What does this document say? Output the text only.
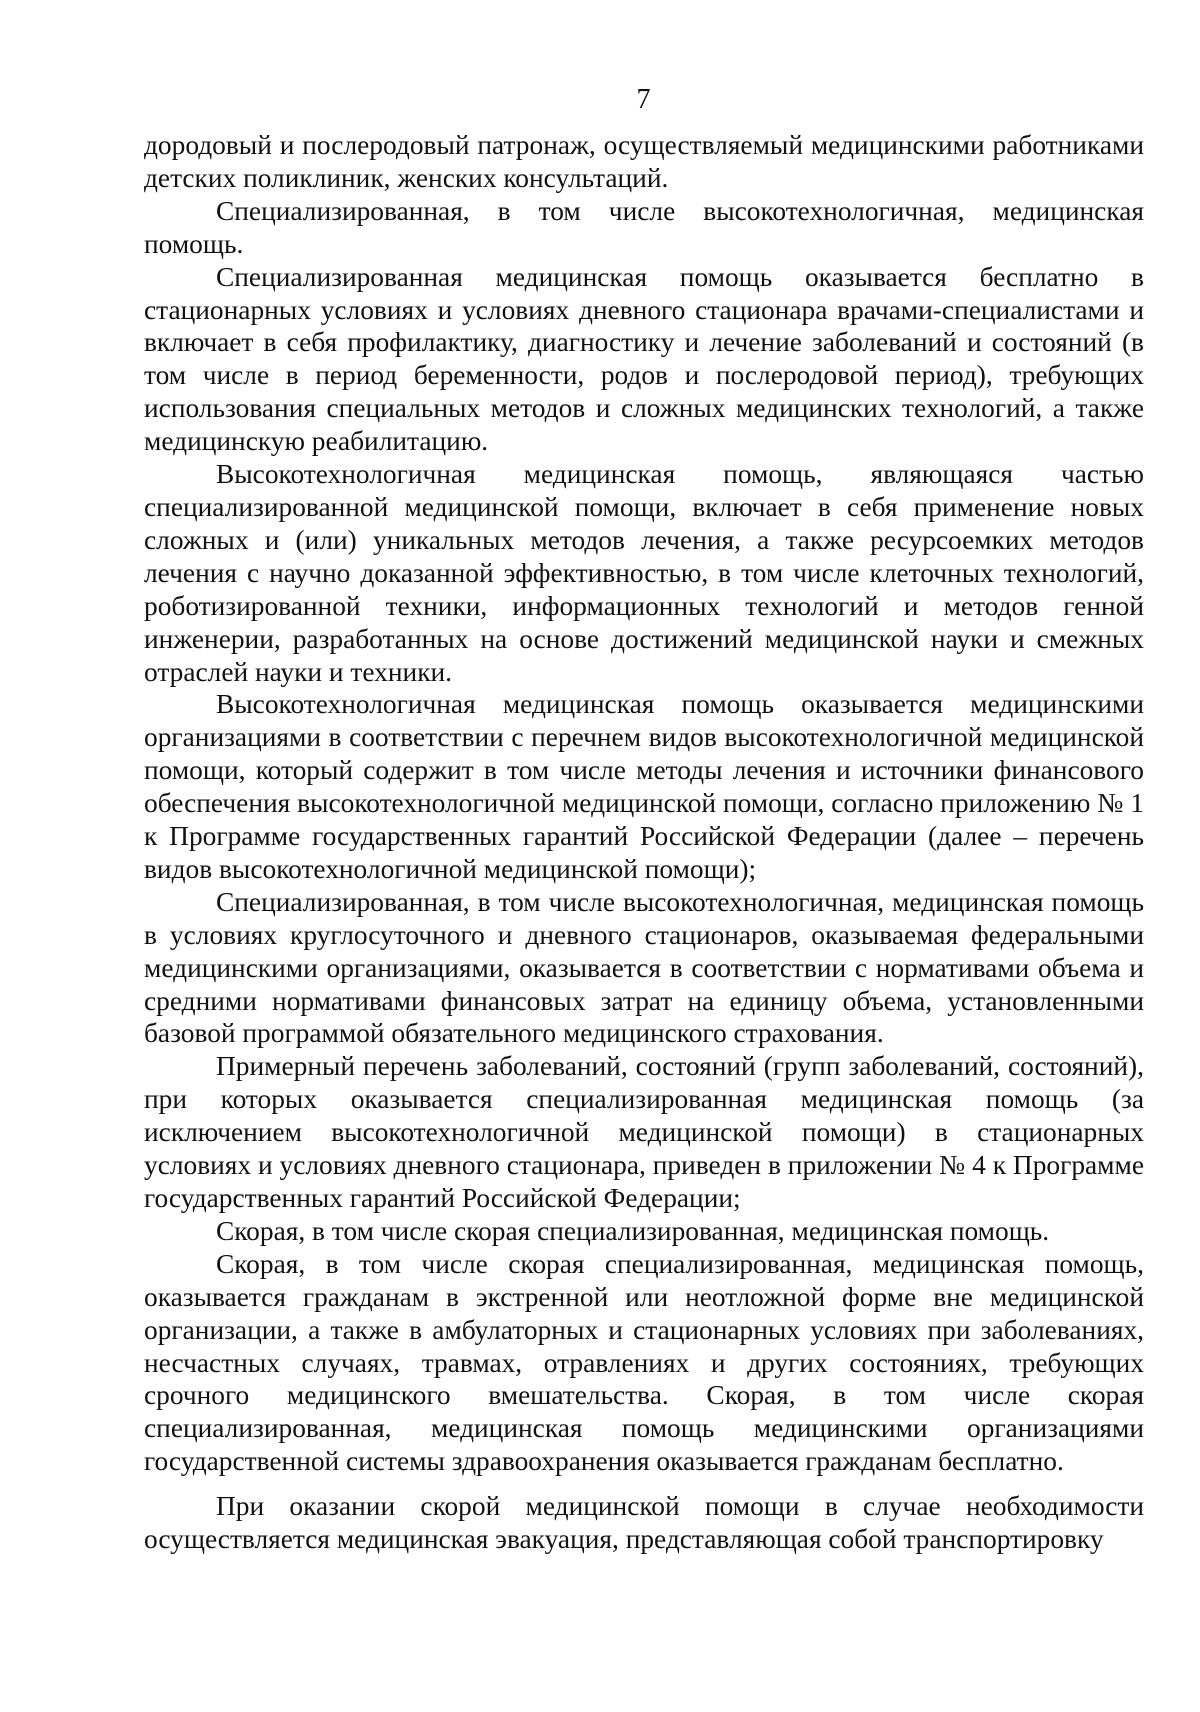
7

дородовый и послеродовый патронаж, осуществляемый медицинскими работниками детских поликлиник, женских консультаций.

Специализированная, в том числе высокотехнологичная, медицинская помощь.

Специализированная медицинская помощь оказывается бесплатно в стационарных условиях и условиях дневного стационара врачами-специалистами и включает в себя профилактику, диагностику и лечение заболеваний и состояний (в том числе в период беременности, родов и послеродовой период), требующих использования специальных методов и сложных медицинских технологий, а также медицинскую реабилитацию.

Высокотехнологичная медицинская помощь, являющаяся частью специализированной медицинской помощи, включает в себя применение новых сложных и (или) уникальных методов лечения, а также ресурсоемких методов лечения с научно доказанной эффективностью, в том числе клеточных технологий, роботизированной техники, информационных технологий и методов генной инженерии, разработанных на основе достижений медицинской науки и смежных отраслей науки и техники.

Высокотехнологичная медицинская помощь оказывается медицинскими организациями в соответствии с перечнем видов высокотехнологичной медицинской помощи, который содержит в том числе методы лечения и источники финансового обеспечения высокотехнологичной медицинской помощи, согласно приложению № 1 к Программе государственных гарантий Российской Федерации (далее – перечень видов высокотехнологичной медицинской помощи);

Специализированная, в том числе высокотехнологичная, медицинская помощь в условиях круглосуточного и дневного стационаров, оказываемая федеральными медицинскими организациями, оказывается в соответствии с нормативами объема и средними нормативами финансовых затрат на единицу объема, установленными базовой программой обязательного медицинского страхования.

Примерный перечень заболеваний, состояний (групп заболеваний, состояний), при которых оказывается специализированная медицинская помощь (за исключением высокотехнологичной медицинской помощи) в стационарных условиях и условиях дневного стационара, приведен в приложении № 4 к Программе государственных гарантий Российской Федерации;

Скорая, в том числе скорая специализированная, медицинская помощь.

Скорая, в том числе скорая специализированная, медицинская помощь, оказывается гражданам в экстренной или неотложной форме вне медицинской организации, а также в амбулаторных и стационарных условиях при заболеваниях, несчастных случаях, травмах, отравлениях и других состояниях, требующих срочного медицинского вмешательства. Скорая, в том числе скорая специализированная, медицинская помощь медицинскими организациями государственной системы здравоохранения оказывается гражданам бесплатно.

При оказании скорой медицинской помощи в случае необходимости осуществляется медицинская эвакуация, представляющая собой транспортировку
